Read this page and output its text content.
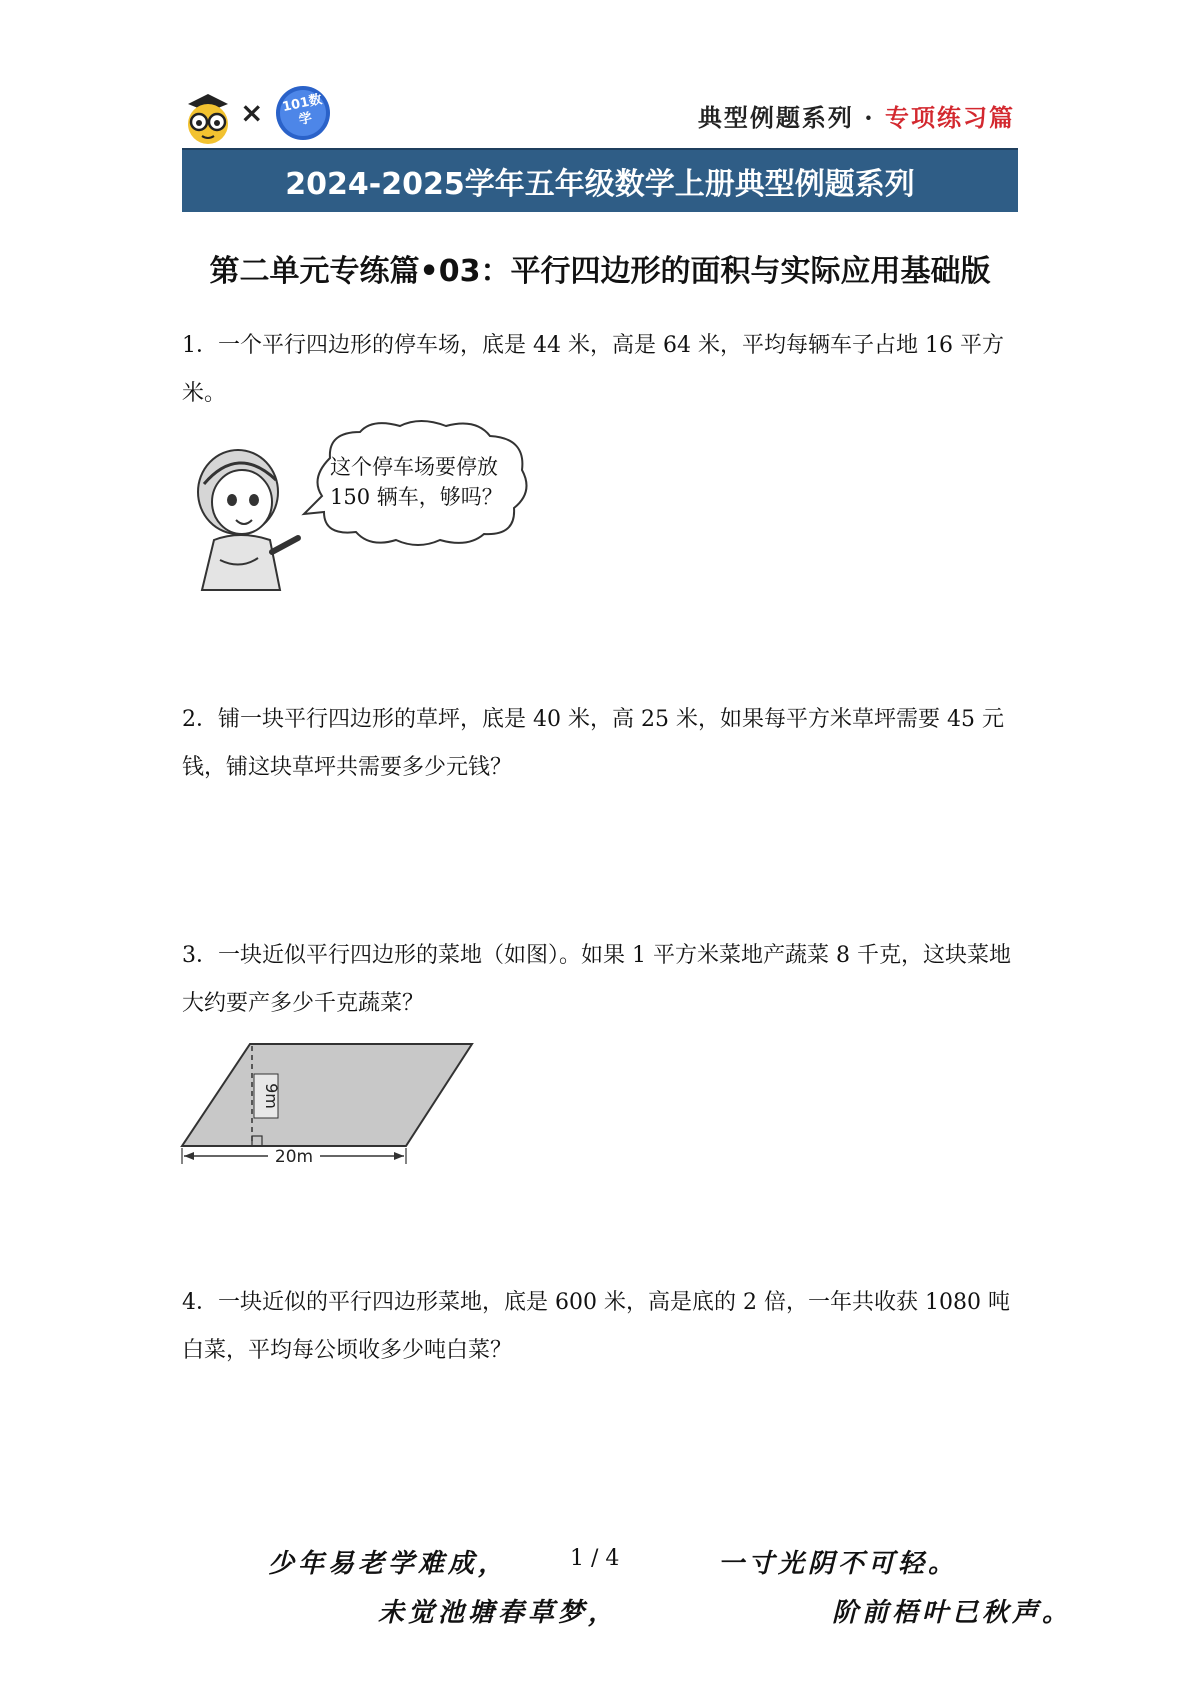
× 101数学	典型例题系列 · 专项练习篇
2024-2025学年五年级数学上册典型例题系列
第二单元专练篇•03：平行四边形的面积与实际应用基础版
1．一个平行四边形的停车场，底是 44 米，高是 64 米，平均每辆车子占地 16 平方米。
这个停车场要停放
150 辆车，够吗？
2．铺一块平行四边形的草坪，底是 40 米，高 25 米，如果每平方米草坪需要 45 元钱，铺这块草坪共需要多少元钱？
3．一块近似平行四边形的菜地（如图）。如果 1 平方米菜地产蔬菜 8 千克，这块菜地大约要产多少千克蔬菜？
9m
20m
4．一块近似的平行四边形菜地，底是 600 米，高是底的 2 倍，一年共收获 1080 吨白菜，平均每公顷收多少吨白菜？
少年易老学难成，	1 / 4	一寸光阴不可轻。
未觉池塘春草梦，	阶前梧叶已秋声。
